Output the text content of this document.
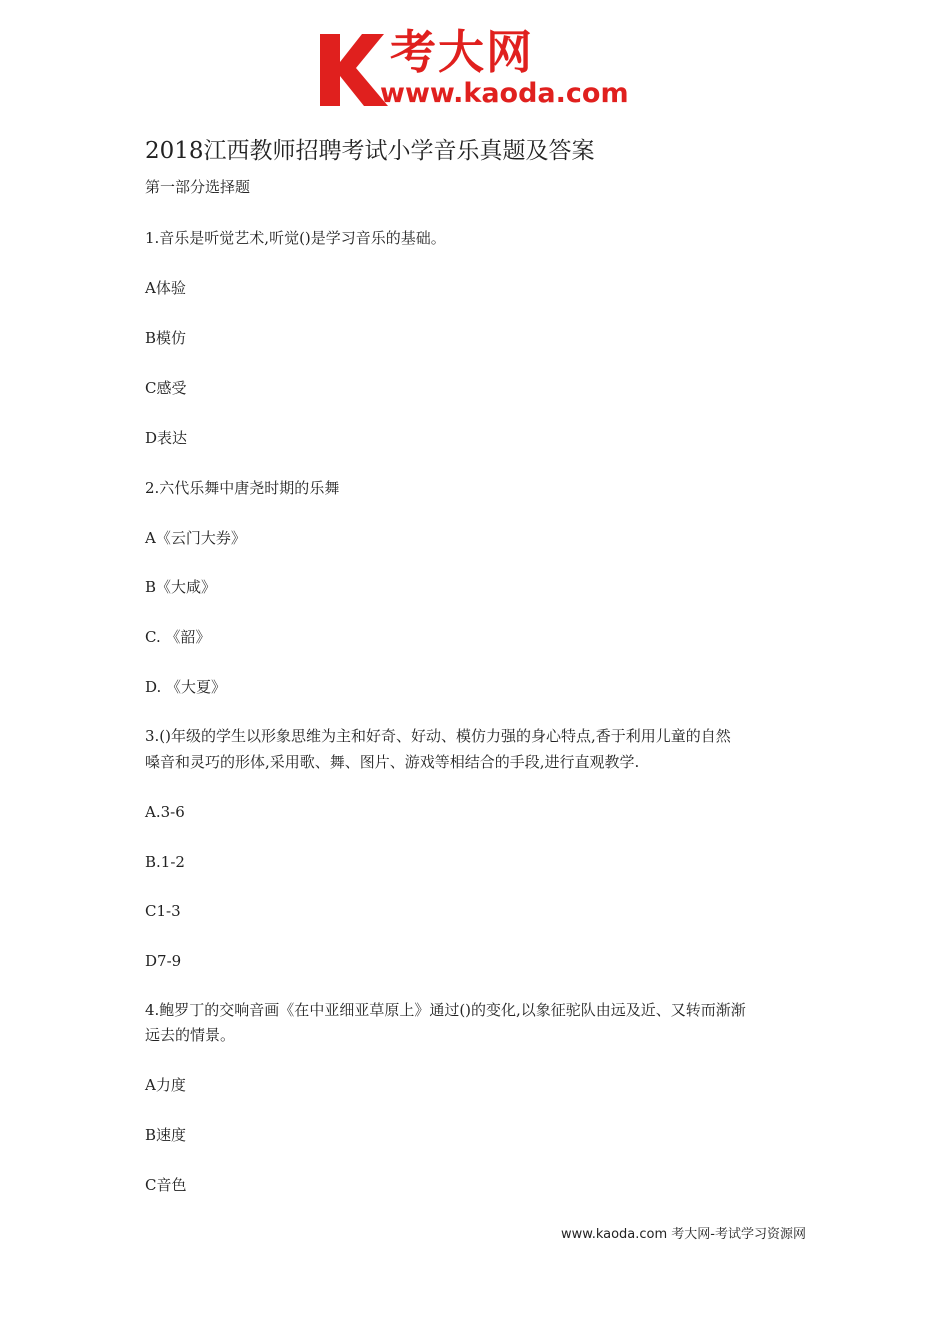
考大网
www.kaoda.com
2018江西教师招聘考试小学音乐真题及答案
第一部分选择题
1.音乐是听觉艺术,听觉()是学习音乐的基础。
A体验
B模仿
C感受
D表达
2.六代乐舞中唐尧时期的乐舞
A《云门大券》
B《大咸》
C. 《韶》
D. 《大夏》
3.()年级的学生以形象思维为主和好奇、好动、模仿力强的身心特点,香于利用儿童的自然
嗓音和灵巧的形体,采用歌、舞、图片、游戏等相结合的手段,进行直观教学.
A.3-6
B.1-2
C1-3
D7-9
4.鲍罗丁的交响音画《在中亚细亚草原上》通过()的变化,以象征驼队由远及近、又转而渐渐
远去的情景。
A力度
B速度
C音色
www.kaoda.com 考大网-考试学习资源网
